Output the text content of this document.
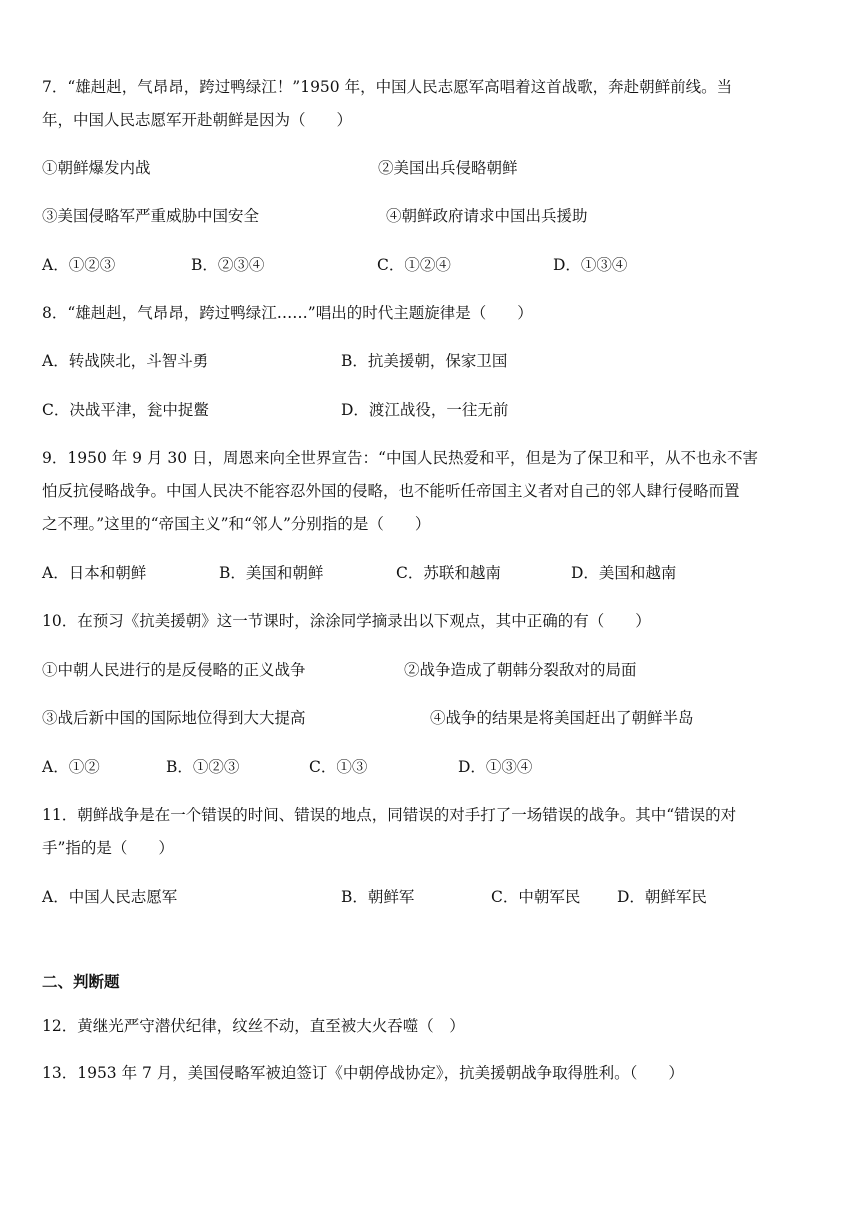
7．“雄赳赳，气昂昂，跨过鸭绿江！”1950 年，中国人民志愿军高唱着这首战歌，奔赴朝鲜前线。当
年，中国人民志愿军开赴朝鲜是因为（　　）
①朝鲜爆发内战	②美国出兵侵略朝鲜
③美国侵略军严重威胁中国安全	④朝鲜政府请求中国出兵援助
A．①②③	B．②③④	C．①②④	D．①③④
8．“雄赳赳，气昂昂，跨过鸭绿江……”唱出的时代主题旋律是（　　）
A．转战陕北，斗智斗勇	B．抗美援朝，保家卫国
C．决战平津，瓮中捉鳖	D．渡江战役，一往无前
9．1950 年 9 月 30 日，周恩来向全世界宣告：“中国人民热爱和平，但是为了保卫和平，从不也永不害
怕反抗侵略战争。中国人民决不能容忍外国的侵略，也不能听任帝国主义者对自己的邻人肆行侵略而置
之不理。”这里的“帝国主义”和“邻人”分别指的是（　　）
A．日本和朝鲜	B．美国和朝鲜	C．苏联和越南	D．美国和越南
10．在预习《抗美援朝》这一节课时，涂涂同学摘录出以下观点，其中正确的有（　　）
①中朝人民进行的是反侵略的正义战争	②战争造成了朝韩分裂敌对的局面
③战后新中国的国际地位得到大大提高	④战争的结果是将美国赶出了朝鲜半岛
A．①②	B．①②③	C．①③	D．①③④
11．朝鲜战争是在一个错误的时间、错误的地点，同错误的对手打了一场错误的战争。其中“错误的对
手”指的是（　　）
A．中国人民志愿军	B．朝鲜军	C．中朝军民 D．朝鲜军民
二、判断题
12．黄继光严守潜伏纪律，纹丝不动，直至被大火吞噬（　）
13．1953 年 7 月，美国侵略军被迫签订《中朝停战协定》，抗美援朝战争取得胜利。（　　）
